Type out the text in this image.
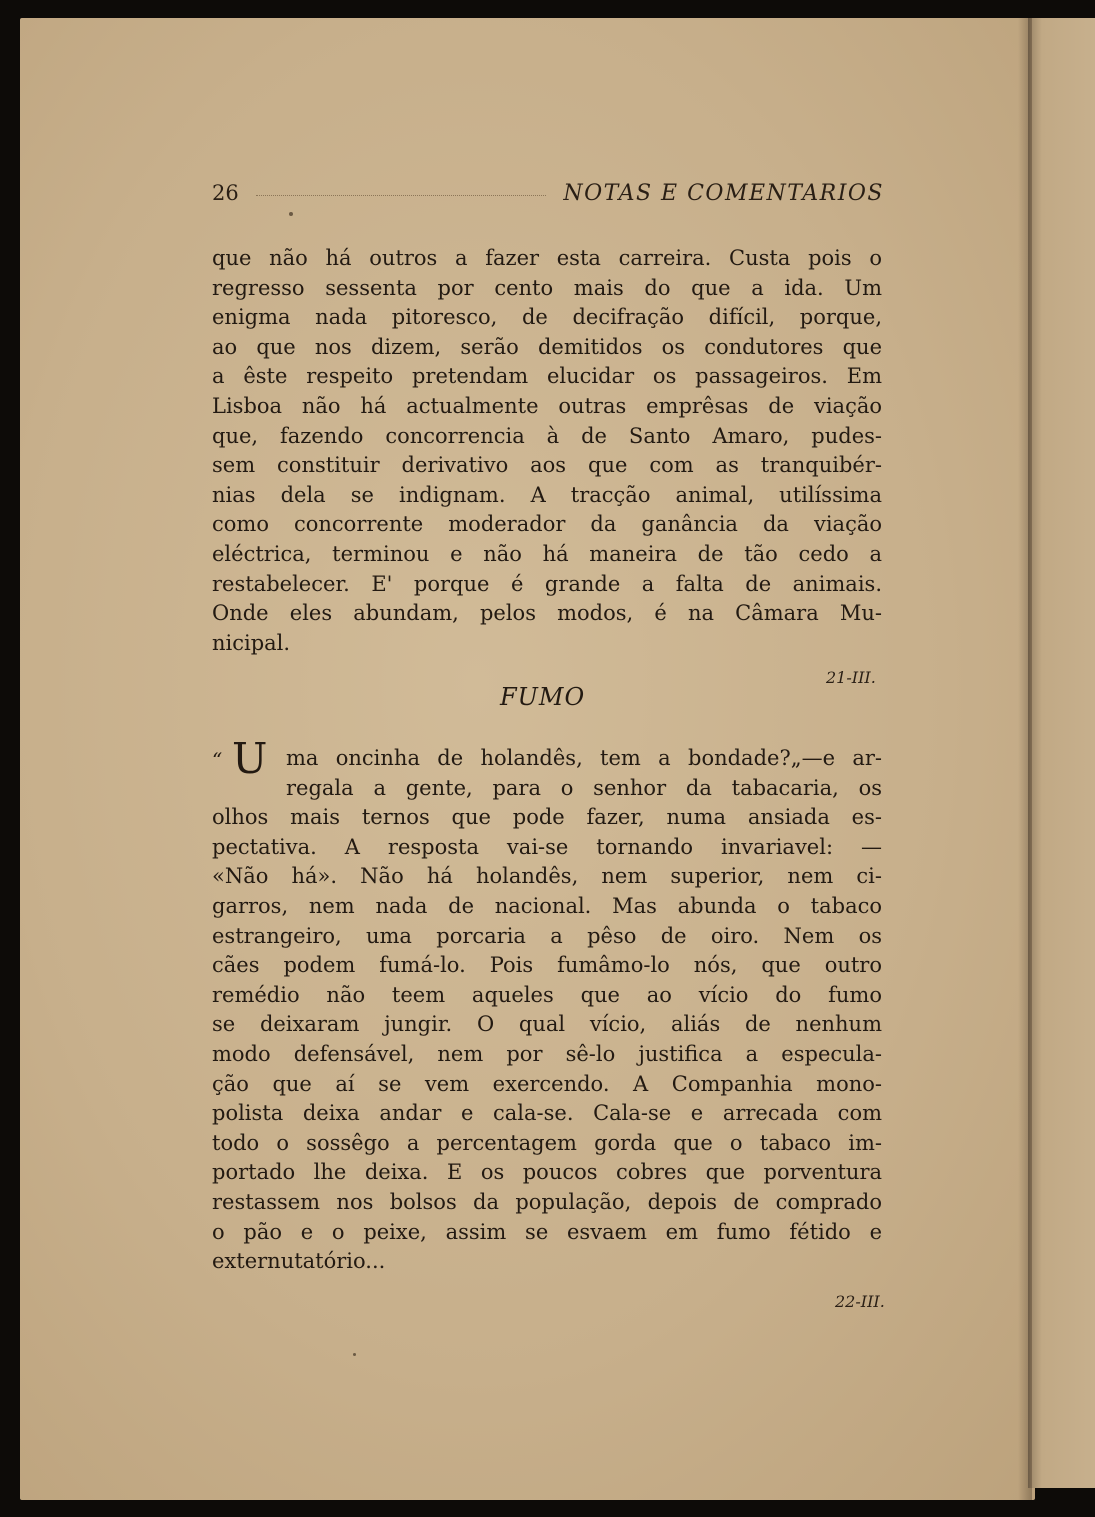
26	NOTAS E COMENTARIOS
que não há outros a fazer esta carreira. Custa pois o
regresso sessenta por cento mais do que a ida. Um
enigma nada pitoresco, de decifração difícil, porque,
ao que nos dizem, serão demitidos os condutores que
a êste respeito pretendam elucidar os passageiros. Em
Lisboa não há actualmente outras emprêsas de viação
que, fazendo concorrencia à de Santo Amaro, pudes-
sem constituir derivativo aos que com as tranquibér-
nias dela se indignam. A tracção animal, utilíssima
como concorrente moderador da ganância da viação
eléctrica, terminou e não há maneira de tão cedo a
restabelecer. E' porque é grande a falta de animais.
Onde eles abundam, pelos modos, é na Câmara Mu-
nicipal.
21-III.
FUMO
“ U ma oncinha de holandês, tem a bondade?„—e ar-
regala a gente, para o senhor da tabacaria, os
olhos mais ternos que pode fazer, numa ansiada es-
pectativa. A resposta vai-se tornando invariavel: —
«Não há». Não há holandês, nem superior, nem ci-
garros, nem nada de nacional. Mas abunda o tabaco
estrangeiro, uma porcaria a pêso de oiro. Nem os
cães podem fumá-lo. Pois fumâmo-lo nós, que outro
remédio não teem aqueles que ao vício do fumo
se deixaram jungir. O qual vício, aliás de nenhum
modo defensável, nem por sê-lo justifica a especula-
ção que aí se vem exercendo. A Companhia mono-
polista deixa andar e cala-se. Cala-se e arrecada com
todo o sossêgo a percentagem gorda que o tabaco im-
portado lhe deixa. E os poucos cobres que porventura
restassem nos bolsos da população, depois de comprado
o pão e o peixe, assim se esvaem em fumo fétido e
externutatório...
22-III.
